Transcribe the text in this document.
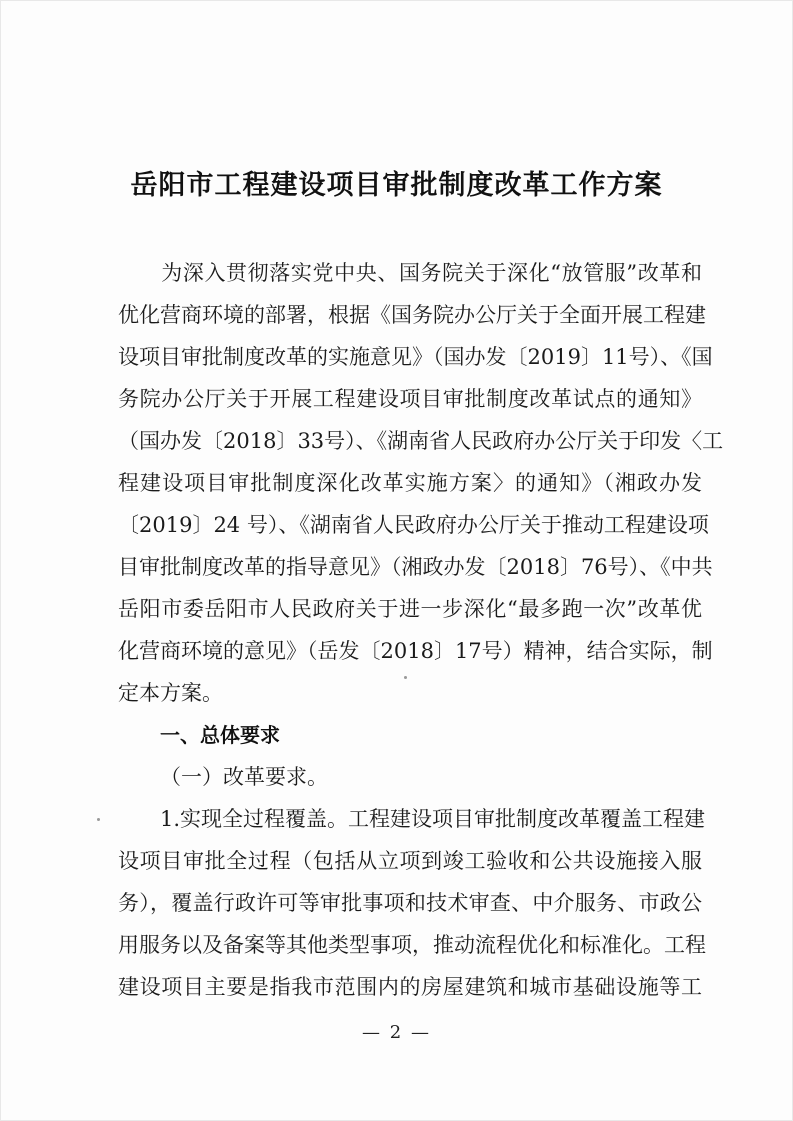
岳阳市工程建设项目审批制度改革工作方案
　　为深入贯彻落实党中央、国务院关于深化“放管服”改革和
优化营商环境的部署，根据《国务院办公厅关于全面开展工程建
设项目审批制度改革的实施意见》（国办发〔2019〕11号）、《国
务院办公厅关于开展工程建设项目审批制度改革试点的通知》
（国办发〔2018〕33号）、《湖南省人民政府办公厅关于印发〈工
程建设项目审批制度深化改革实施方案〉的通知》（湘政办发
〔2019〕24 号）、《湖南省人民政府办公厅关于推动工程建设项
目审批制度改革的指导意见》（湘政办发〔2018〕76号）、《中共
岳阳市委岳阳市人民政府关于进一步深化“最多跑一次”改革优
化营商环境的意见》（岳发〔2018〕17号）精神，结合实际，制
定本方案。
一、总体要求
（一）改革要求。
　　1.实现全过程覆盖。工程建设项目审批制度改革覆盖工程建
设项目审批全过程（包括从立项到竣工验收和公共设施接入服
务），覆盖行政许可等审批事项和技术审查、中介服务、市政公
用服务以及备案等其他类型事项，推动流程优化和标准化。工程
建设项目主要是指我市范围内的房屋建筑和城市基础设施等工
— 2 —
